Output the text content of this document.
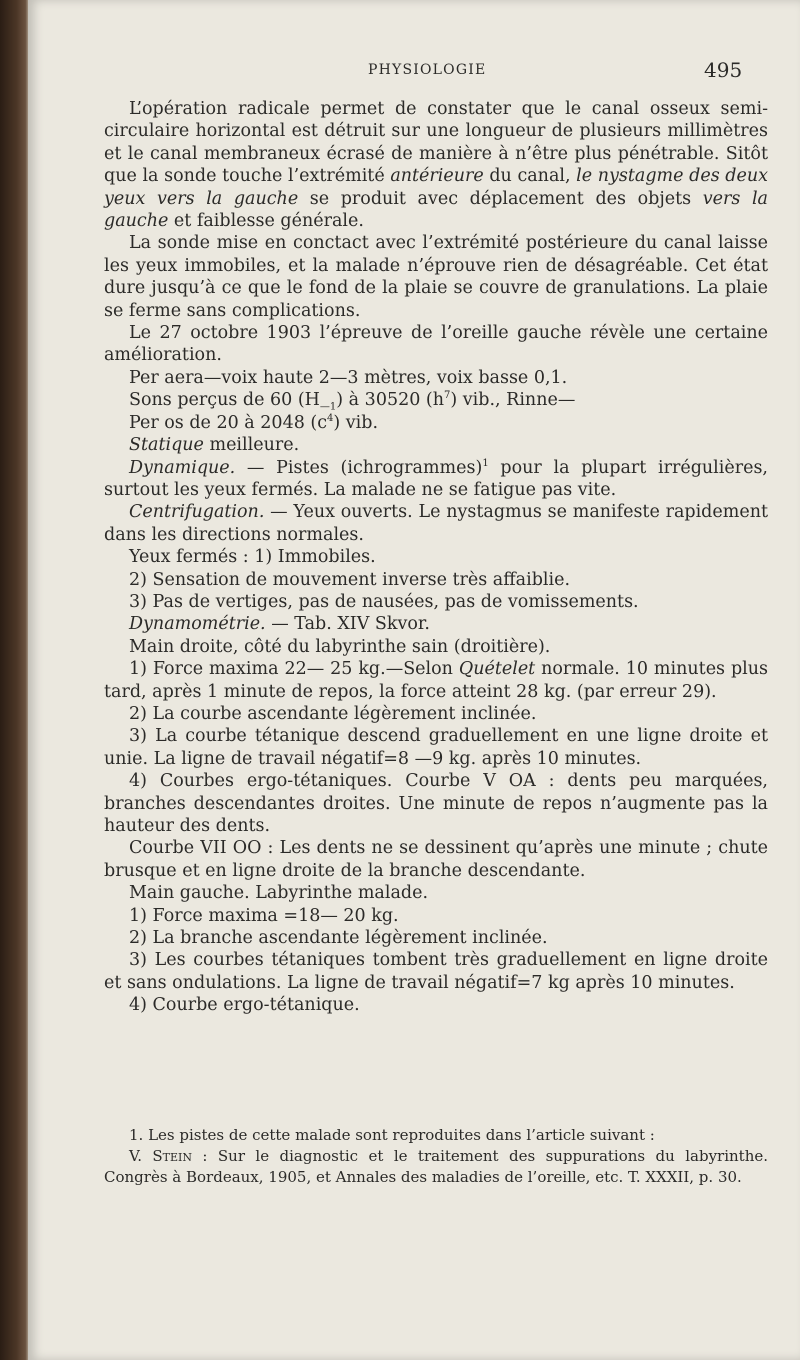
PHYSIOLOGIE	495

L’opération radicale permet de constater que le canal osseux semi-circulaire horizontal est détruit sur une longueur de plusieurs millimètres et le canal membraneux écrasé de manière à n’être plus pénétrable. Sitôt que la sonde touche l’extrémité antérieure du canal, le nystagme des deux yeux vers la gauche se produit avec déplacement des objets vers la gauche et faiblesse générale.

La sonde mise en conctact avec l’extrémité postérieure du canal laisse les yeux immobiles, et la malade n’éprouve rien de désagréable. Cet état dure jusqu’à ce que le fond de la plaie se couvre de granulations. La plaie se ferme sans complications.

Le 27 octobre 1903 l’épreuve de l’oreille gauche révèle une certaine amélioration.

Per aera—voix haute 2—3 mètres, voix basse 0,1.

Sons perçus de 60 $(H_{—1})$ à 30520 $(h^7)$ vib., Rinne—

Per os de 20 à 2048 $(c^4)$ vib.

Statique meilleure.

Dynamique. — Pistes (ichrogrammes)$^1$ pour la plupart irrégulières, surtout les yeux fermés. La malade ne se fatigue pas vite.

Centrifugation. — Yeux ouverts. Le nystagmus se manifeste rapidement dans les directions normales.

Yeux fermés : 1) Immobiles.

2) Sensation de mouvement inverse très affaiblie.

3) Pas de vertiges, pas de nausées, pas de vomissements.

Dynamométrie. — Tab. XIV Skvor.

Main droite, côté du labyrinthe sain (droitière).

1) Force maxima 22— 25 kg.—Selon Quételet normale. 10 minutes plus tard, après 1 minute de repos, la force atteint 28 kg. (par erreur 29).

2) La courbe ascendante légèrement inclinée.

3) La courbe tétanique descend graduellement en une ligne droite et unie. La ligne de travail négatif=8 —9 kg. après 10 minutes.

4) Courbes ergo-tétaniques. Courbe V OA : dents peu marquées, branches descendantes droites. Une minute de repos n’augmente pas la hauteur des dents.

Courbe VII OO : Les dents ne se dessinent qu’après une minute ; chute brusque et en ligne droite de la branche descendante.

Main gauche. Labyrinthe malade.

1) Force maxima =18— 20 kg.

2) La branche ascendante légèrement inclinée.

3) Les courbes tétaniques tombent très graduellement en ligne droite et sans ondulations. La ligne de travail négatif=7 kg après 10 minutes.

4) Courbe ergo-tétanique.

1. Les pistes de cette malade sont reproduites dans l’article suivant :

V. Stein : Sur le diagnostic et le traitement des suppurations du labyrinthe. Congrès à Bordeaux, 1905, et Annales des maladies de l’oreille, etc. T. XXXII, p. 30.
